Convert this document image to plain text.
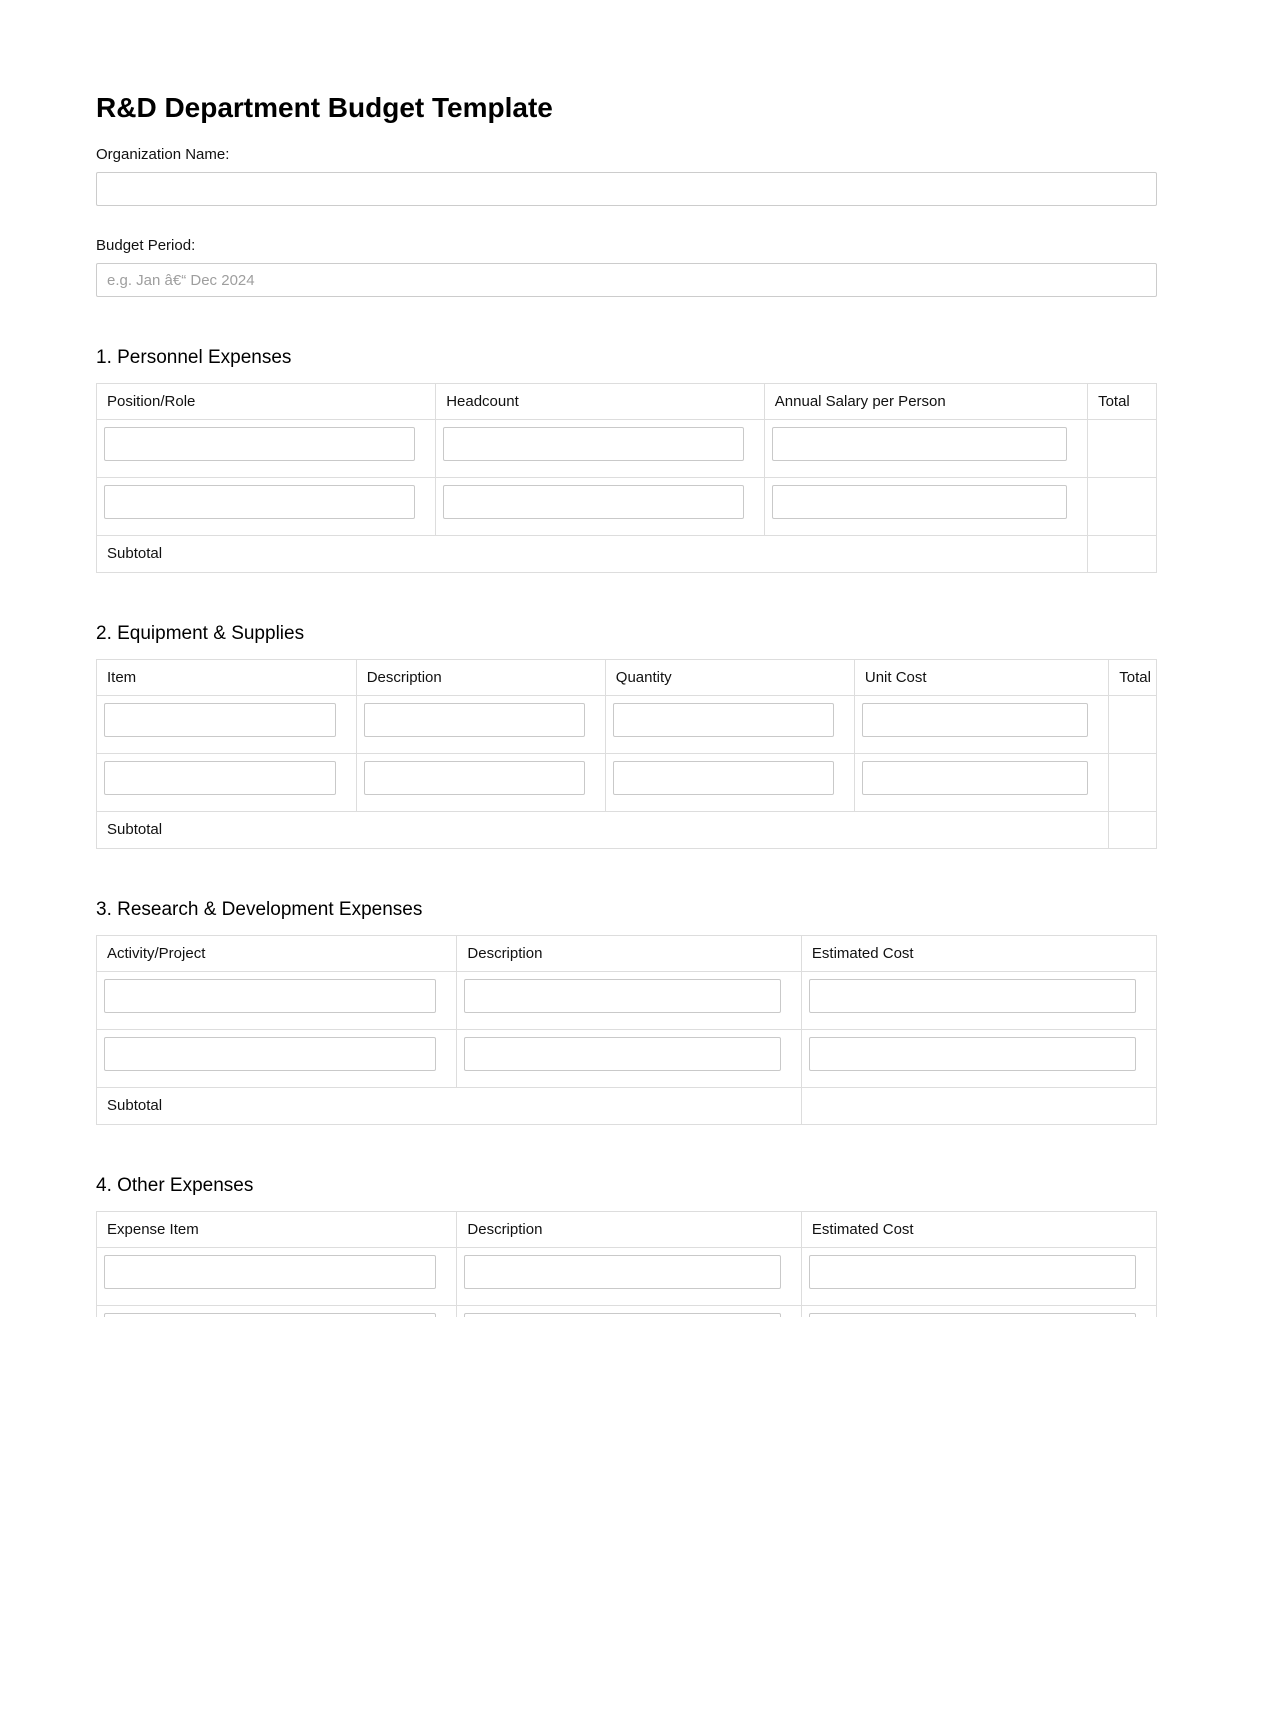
R&D Department Budget Template
Organization Name:
Budget Period:
e.g. Jan â€“ Dec 2024
1. Personnel Expenses
Position/Role	Headcount	Annual Salary per Person	Total

Subtotal			
2. Equipment & Supplies
Item	Description	Quantity	Unit Cost	Total

Subtotal				
3. Research & Development Expenses
Activity/Project	Description	Estimated Cost

Subtotal		
4. Other Expenses
Expense Item	Description	Estimated Cost
